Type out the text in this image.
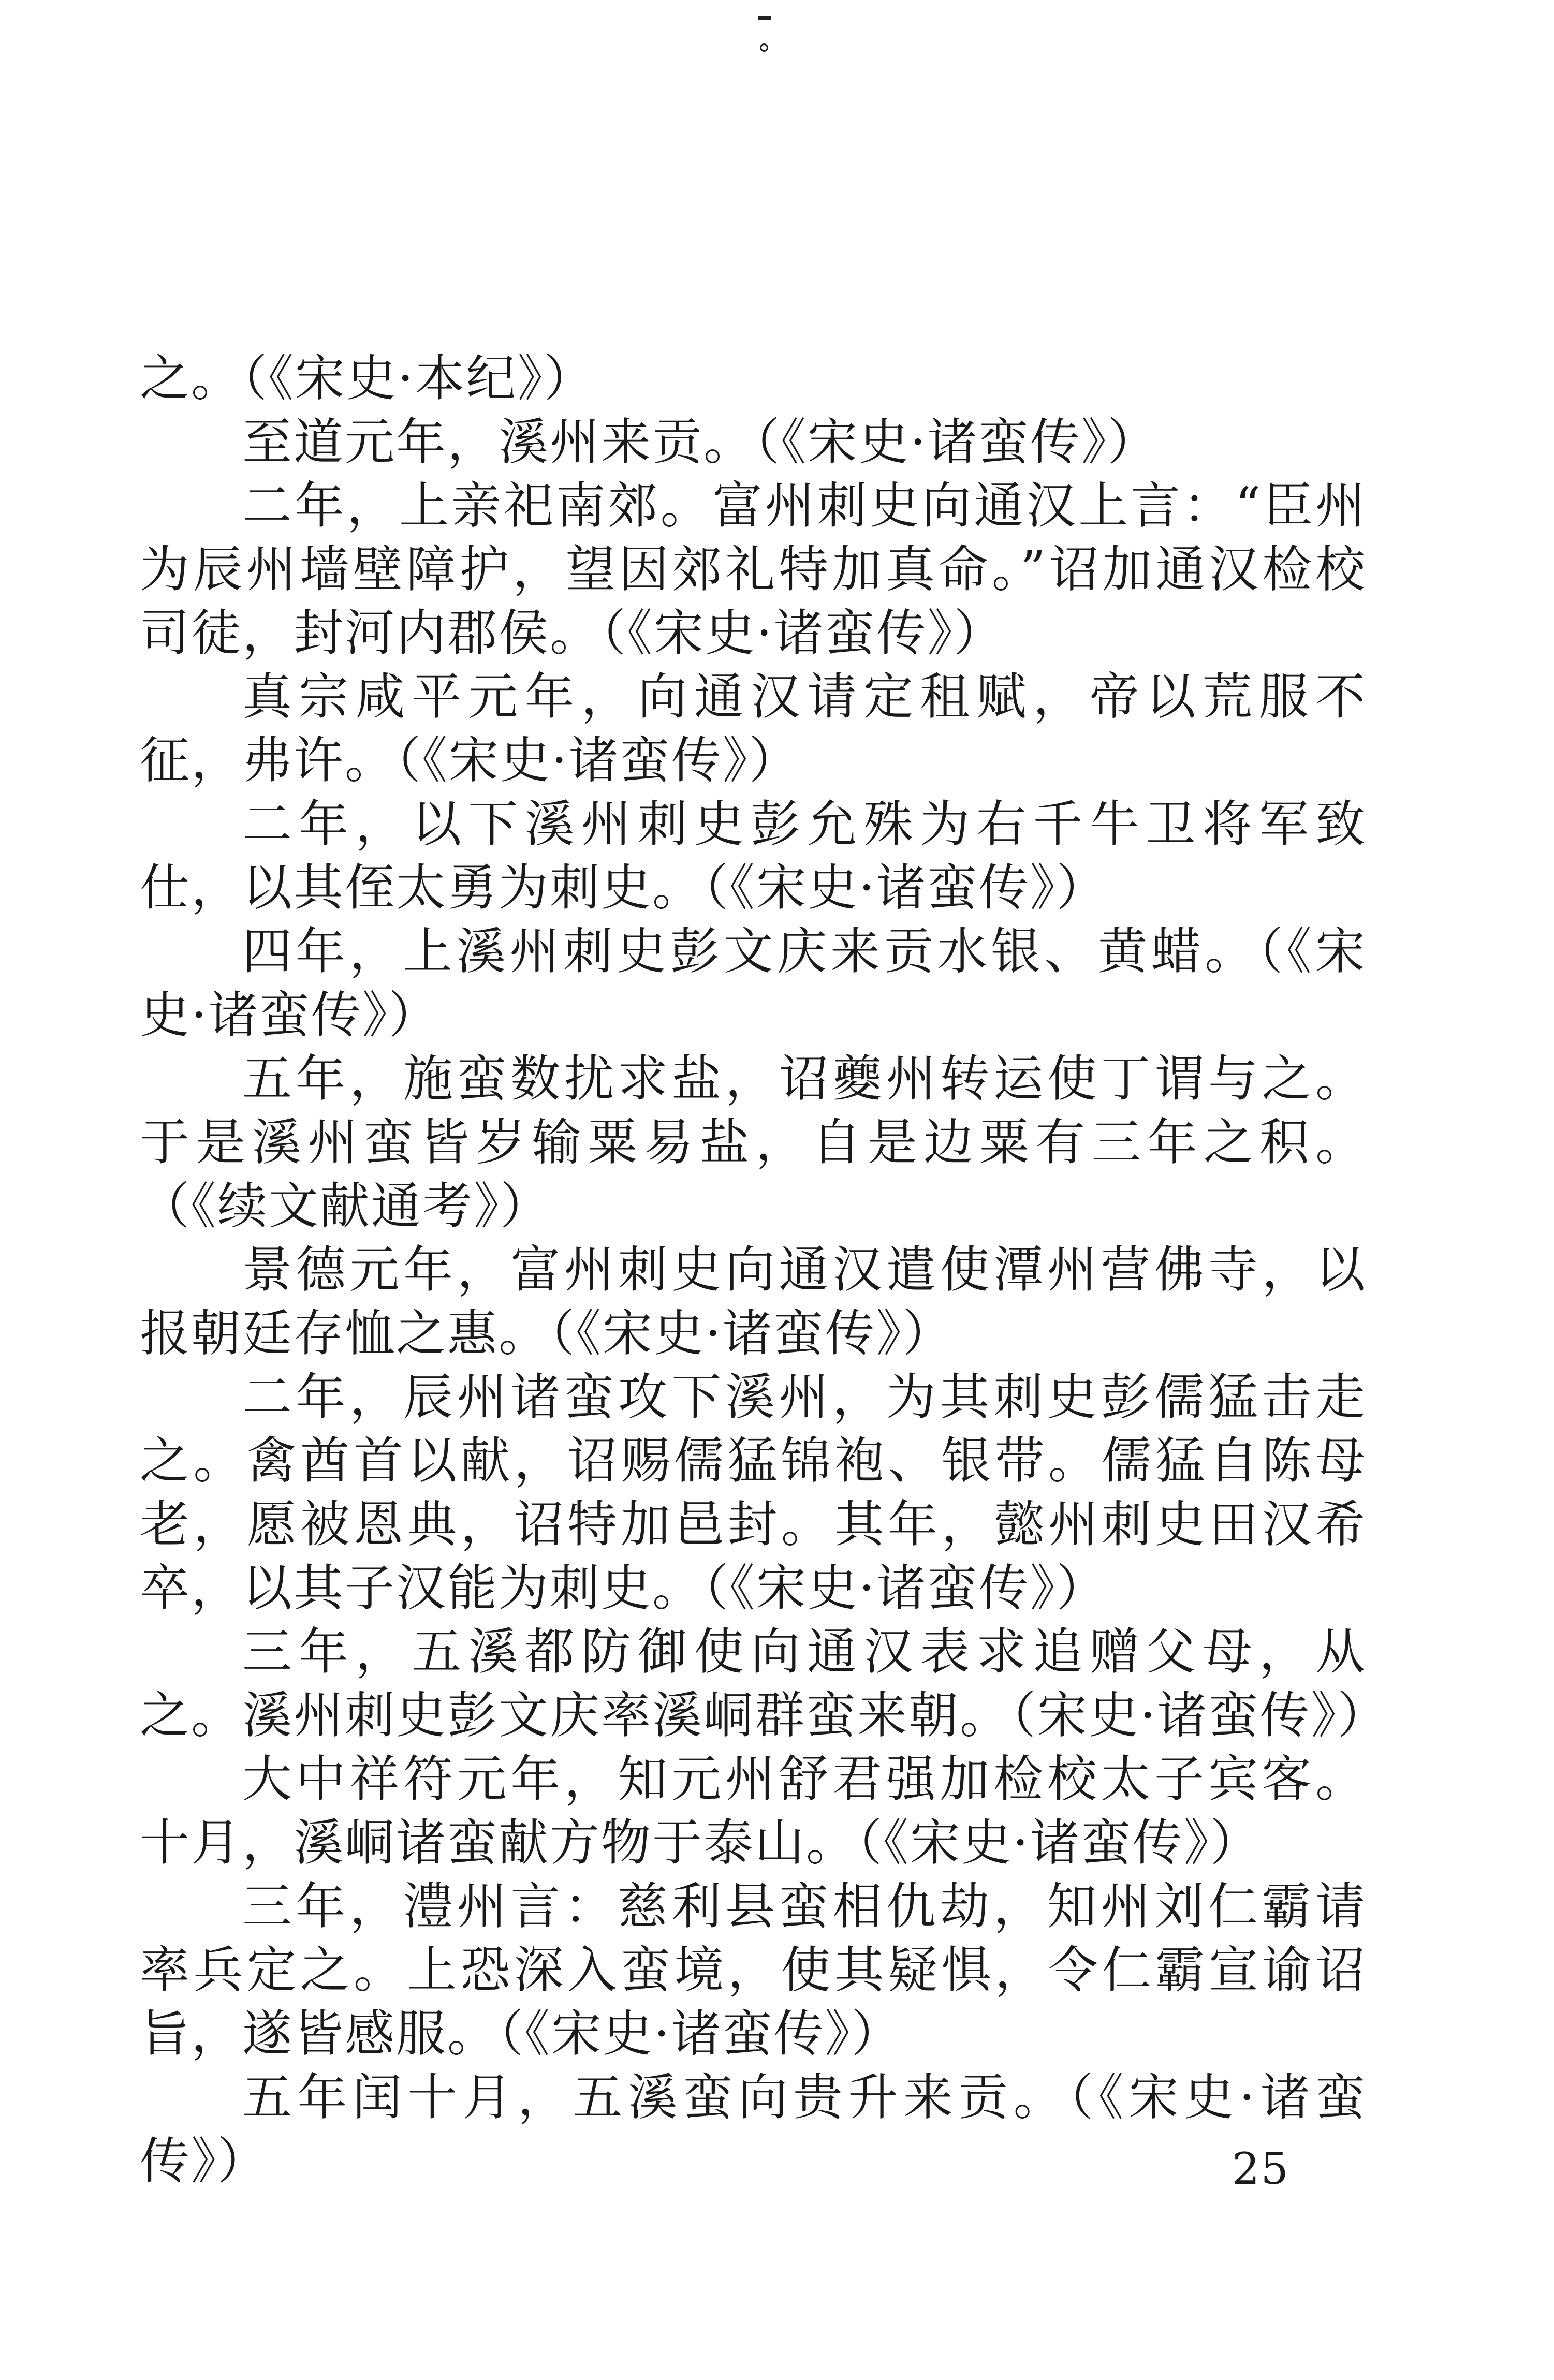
之。（《宋史·本纪》）

至道元年，溪州来贡。（《宋史·诸蛮传》）

二年，上亲祀南郊。富州刺史向通汉上言：“臣州为辰州墙壁障护，望因郊礼特加真命。”诏加通汉检校司徒，封河内郡侯。（《宋史·诸蛮传》）

真宗咸平元年，向通汉请定租赋，帝以荒服不征，弗许。（《宋史·诸蛮传》）

二年，以下溪州刺史彭允殊为右千牛卫将军致仕，以其侄太勇为刺史。（《宋史·诸蛮传》）

四年，上溪州刺史彭文庆来贡水银、黄蜡。（《宋史·诸蛮传》）

五年，施蛮数扰求盐，诏夔州转运使丁谓与之。于是溪州蛮皆岁输粟易盐，自是边粟有三年之积。（《续文献通考》）

景德元年，富州刺史向通汉遣使潭州营佛寺，以报朝廷存恤之惠。（《宋史·诸蛮传》）

二年，辰州诸蛮攻下溪州，为其刺史彭儒猛击走之。禽酋首以献，诏赐儒猛锦袍、银带。儒猛自陈母老，愿被恩典，诏特加邑封。其年，懿州刺史田汉希卒，以其子汉能为刺史。（《宋史·诸蛮传》）

三年，五溪都防御使向通汉表求追赠父母，从之。溪州刺史彭文庆率溪峒群蛮来朝。（宋史·诸蛮传》）

大中祥符元年，知元州舒君强加检校太子宾客。十月，溪峒诸蛮献方物于泰山。（《宋史·诸蛮传》）

三年，澧州言：慈利县蛮相仇劫，知州刘仁霸请率兵定之。上恐深入蛮境，使其疑惧，令仁霸宣谕诏旨，遂皆感服。（《宋史·诸蛮传》）

五年闰十月，五溪蛮向贵升来贡。（《宋史·诸蛮传》）	25
